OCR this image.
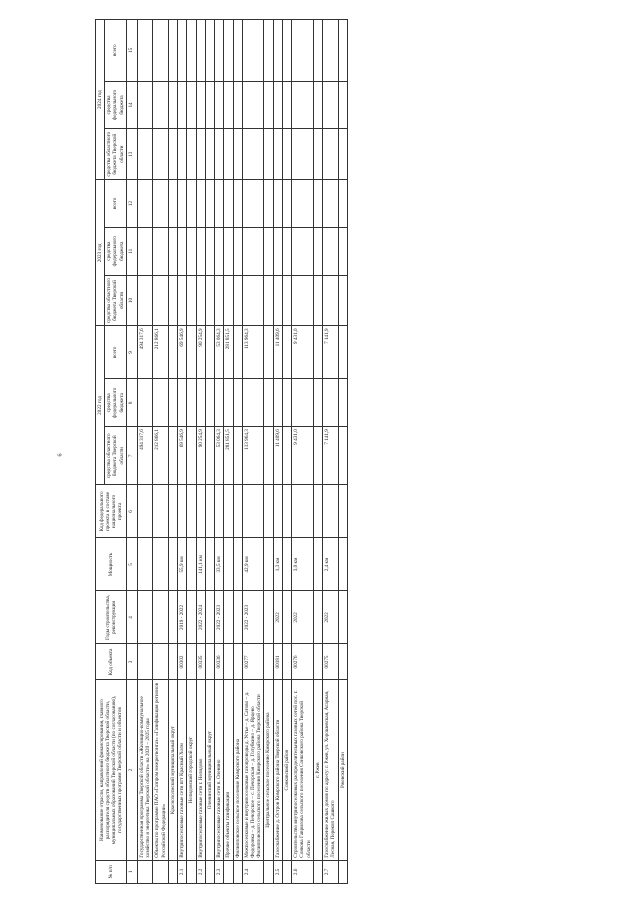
6
№ п/п	Наименование отрасли, направлений финансирования, главного распорядителя средств областного бюджета Тверской области, муниципальных образований Тверской области (по согласованию), государственных программ Тверской области и объектов	Код объекта	Годы строительства, реконструкции	Мощность	Код федерального проекта в составе национального проекта	2022 год			2023 год			2024 год		
						средства областного бюджета Тверской области	средства федерального бюджета	всего	средства областного бюджета Тверской области	средства федерального бюджета	всего	средства областного бюджета Тверской области	средства федерального бюджета	всего
1	2	3	4	5	6	7	8	9	10	11	12	13	14	15
	Государственная программа Тверской области «Жилищно-коммунальное хозяйство и энергетика Тверской области» на 2020 – 2025 годы					494 317,6		494 317,6						
	Объекты по программе ПАО «Газпром межрегионгаз» «Газификация регионов Российской Федерации»					212 866,1		212 866,1						
	Краснохолмский муниципальный округ													
2.1	Внутрипоселковые газовые сети пгт Красный Холм	00302	2019 - 2022	55,9 км		69 546,9		69 546,9						
	Нелидовский городской округ													
2.2	Внутрипоселковые газовые сети г. Нелидово	00335	2022 - 2024	141,1 км		90 254,9		90 254,9						
	Оленинский муниципальный округ													
2.3	Внутрипоселковые газовые сети п. Оленино	00336	2022 - 2023	33,5 км		53 064,3		53 064,3						
	Прочие объекты газификации					281 851,5		281 851,5						
	Филипповское сельское поселение Кимрского района													
2.4	Межпоселковые и внутрипоселковые газопроводы д. Устье – д. Сатово – д. Федоровка – д. Печорское – с. Печорская – д. Голубкино – д. Ярцево Филипповского сельского поселения Кимрского района Тверской области	00277	2022 - 2023	42,9 км		113 964,3		113 964,3						
	Центральное сельское поселение Кимрского района													
2.5	Газоснабжение д. Остров Кимрского района Тверской области	00181	2022	1,3 км		11 409,6		11 409,6						
	Сонковский район													
2.6	Строительство внутрипоселковых распределительных газовых сетей пос. г. Сонкова Гаврилова сельского поселения Сонковского района Тверской области	00276	2022	3,0 км		9 431,0		9 431,0						
	г. Ржев													
2.7	Газоснабжение жилых домов по адресу: г. Ржев, ул. Хорошевская, Агарная, Лесная, Перекоп Сашкого	00275	2022	2,4 км		7 141,9		7 141,9						
	Ржевский район													
